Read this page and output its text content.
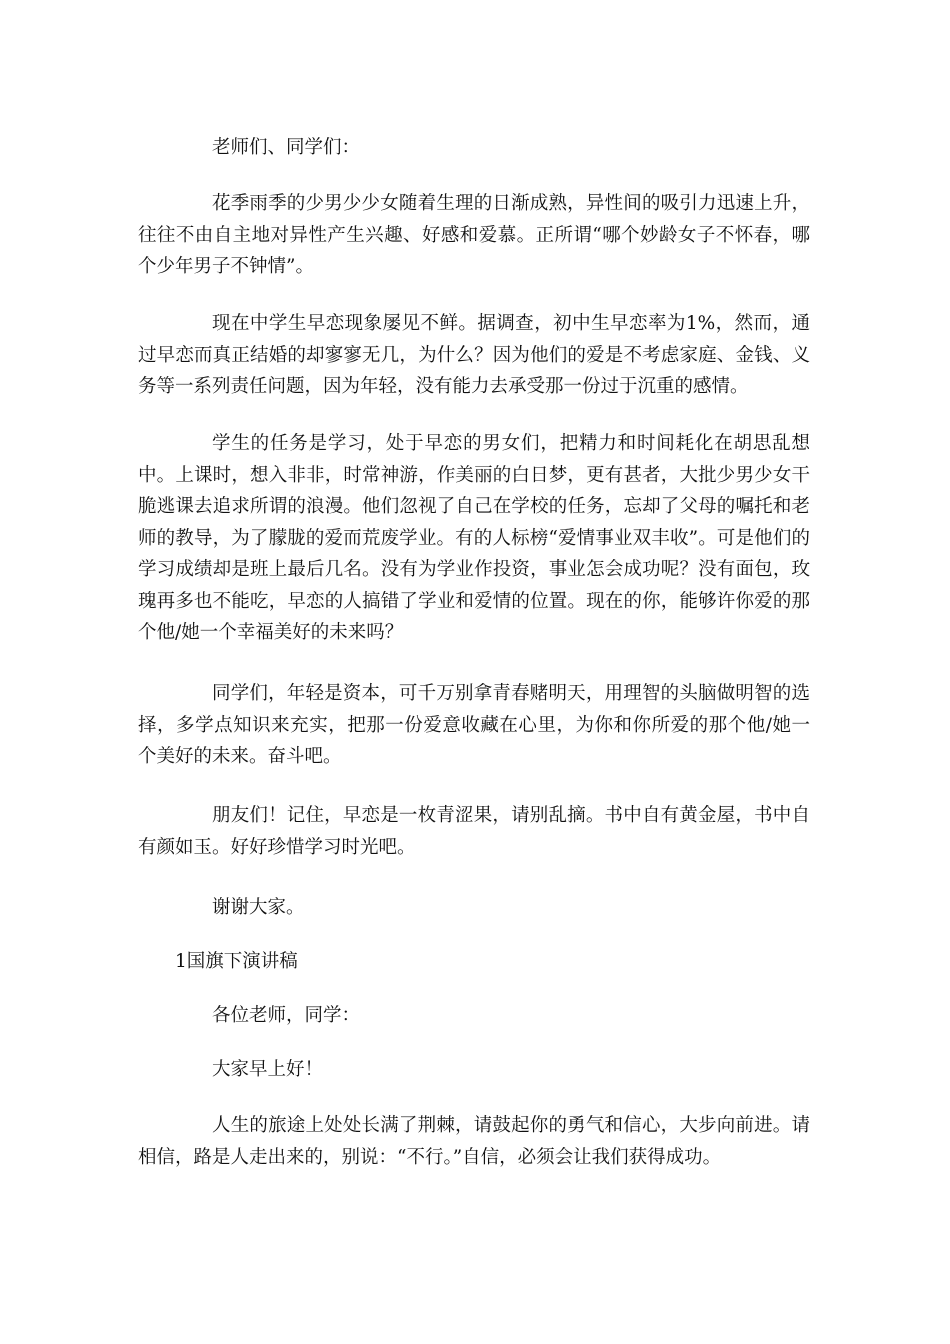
老师们、同学们：

花季雨季的少男少少女随着生理的日渐成熟，异性间的吸引力迅速上升，往往不由自主地对异性产生兴趣、好感和爱慕。正所谓“哪个妙龄女子不怀春，哪个少年男子不钟情”。

现在中学生早恋现象屡见不鲜。据调查，初中生早恋率为1%，然而，通过早恋而真正结婚的却寥寥无几，为什么？因为他们的爱是不考虑家庭、金钱、义务等一系列责任问题，因为年轻，没有能力去承受那一份过于沉重的感情。

学生的任务是学习，处于早恋的男女们，把精力和时间耗化在胡思乱想中。上课时，想入非非，时常神游，作美丽的白日梦，更有甚者，大批少男少女干脆逃课去追求所谓的浪漫。他们忽视了自己在学校的任务，忘却了父母的嘱托和老师的教导，为了朦胧的爱而荒废学业。有的人标榜“爱情事业双丰收”。可是他们的学习成绩却是班上最后几名。没有为学业作投资，事业怎会成功呢？没有面包，玫瑰再多也不能吃，早恋的人搞错了学业和爱情的位置。现在的你，能够许你爱的那个他/她一个幸福美好的未来吗？

同学们，年轻是资本，可千万别拿青春赌明天，用理智的头脑做明智的选择，多学点知识来充实，把那一份爱意收藏在心里，为你和你所爱的那个他/她一个美好的未来。奋斗吧。

朋友们！记住，早恋是一枚青涩果，请别乱摘。书中自有黄金屋，书中自有颜如玉。好好珍惜学习时光吧。

谢谢大家。

1国旗下演讲稿

各位老师，同学：

大家早上好！

人生的旅途上处处长满了荆棘，请鼓起你的勇气和信心，大步向前进。请相信，路是人走出来的，别说：“不行。”自信，必须会让我们获得成功。
